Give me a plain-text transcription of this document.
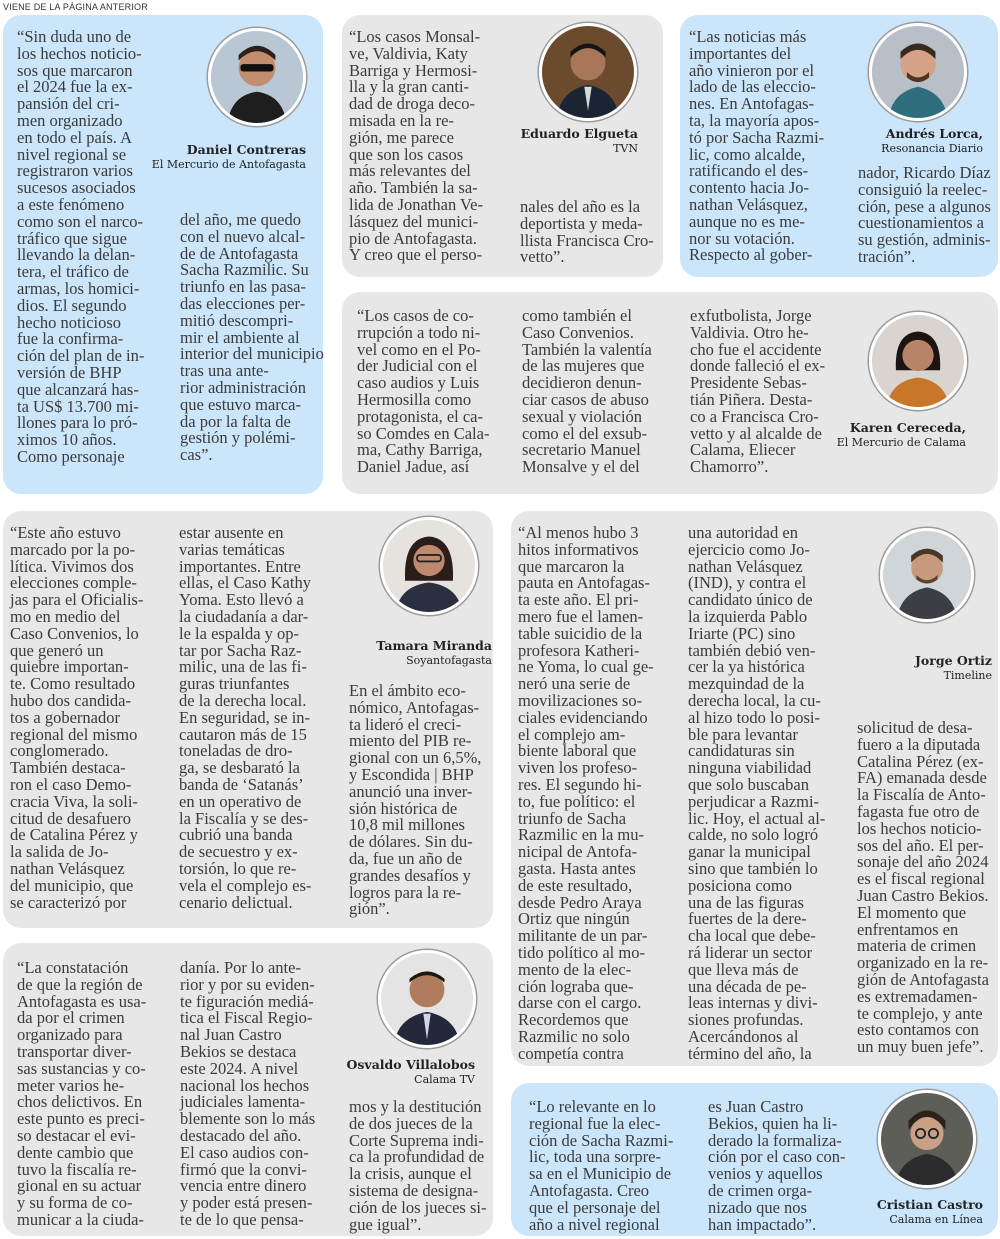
VIENE DE LA PÁGINA ANTERIOR
“Sin duda uno de
los hechos noticio-
sos que marcaron
el 2024 fue la ex-
pansión del cri-
men organizado
en todo el país. A
nivel regional se
registraron varios
sucesos asociados
a este fenómeno
como son el narco-
tráfico que sigue
llevando la delan-
tera, el tráfico de
armas, los homici-
dios. El segundo
hecho noticioso
fue la confirma-
ción del plan de in-
versión de BHP
que alcanzará has-
ta US$ 13.700 mi-
llones para lo pró-
ximos 10 años.
Como personaje
del año, me quedo
con el nuevo alcal-
de de Antofagasta
Sacha Razmilic. Su
triunfo en las pasa-
das elecciones per-
mitió descompri-
mir el ambiente al
interior del municipio
tras una ante-
rior administración
que estuvo marca-
da por la falta de
gestión y polémi-
cas”.
Daniel Contreras
El Mercurio de Antofagasta
“Los casos Monsal-
ve, Valdivia, Katy
Barriga y Hermosi-
lla y la gran canti-
dad de droga deco-
misada en la re-
gión, me parece
que son los casos
más relevantes del
año. También la sa-
lida de Jonathan Ve-
lásquez del munici-
pio de Antofagasta.
Y creo que el perso-
nales del año es la
deportista y meda-
llista Francisca Cro-
vetto”.
Eduardo Elgueta
TVN
“Las noticias más
importantes del
año vinieron por el
lado de las eleccio-
nes. En Antofagas-
ta, la mayoría apos-
tó por Sacha Razmi-
lic, como alcalde,
ratificando el des-
contento hacia Jo-
nathan Velásquez,
aunque no es me-
nor su votación.
Respecto al gober-
nador, Ricardo Díaz
consiguió la reelec-
ción, pese a algunos
cuestionamientos a
su gestión, adminis-
tración”.
Andrés Lorca,
Resonancia Diario
“Los casos de co-
rrupción a todo ni-
vel como en el Po-
der Judicial con el
caso audios y Luis
Hermosilla como
protagonista, el ca-
so Comdes en Cala-
ma, Cathy Barriga,
Daniel Jadue, así
como también el
Caso Convenios.
También la valentía
de las mujeres que
decidieron denun-
ciar casos de abuso
sexual y violación
como el del exsub-
secretario Manuel
Monsalve y el del
exfutbolista, Jorge
Valdivia. Otro he-
cho fue el accidente
donde falleció el ex-
Presidente Sebas-
tián Piñera. Desta-
co a Francisca Cro-
vetto y al alcalde de
Calama, Eliecer
Chamorro”.
Karen Cereceda,
El Mercurio de Calama
“Este año estuvo
marcado por la po-
lítica. Vivimos dos
elecciones comple-
jas para el Oficialis-
mo en medio del
Caso Convenios, lo
que generó un
quiebre importan-
te. Como resultado
hubo dos candida-
tos a gobernador
regional del mismo
conglomerado.
También destaca-
ron el caso Demo-
cracia Viva, la soli-
citud de desafuero
de Catalina Pérez y
la salida de Jo-
nathan Velásquez
del municipio, que
se caracterizó por
estar ausente en
varias temáticas
importantes. Entre
ellas, el Caso Kathy
Yoma. Esto llevó a
la ciudadanía a dar-
le la espalda y op-
tar por Sacha Raz-
milic, una de las fi-
guras triunfantes
de la derecha local.
En seguridad, se in-
cautaron más de 15
toneladas de dro-
ga, se desbarató la
banda de ‘Satanás’
en un operativo de
la Fiscalía y se des-
cubrió una banda
de secuestro y ex-
torsión, lo que re-
vela el complejo es-
cenario delictual.
En el ámbito eco-
nómico, Antofagas-
ta lideró el creci-
miento del PIB re-
gional con un 6,5%,
y Escondida | BHP
anunció una inver-
sión histórica de
10,8 mil millones
de dólares. Sin du-
da, fue un año de
grandes desafíos y
logros para la re-
gión”.
Tamara Miranda
Soyantofagasta
“Al menos hubo 3
hitos informativos
que marcaron la
pauta en Antofagas-
ta este año. El pri-
mero fue el lamen-
table suicidio de la
profesora Katheri-
ne Yoma, lo cual ge-
neró una serie de
movilizaciones so-
ciales evidenciando
el complejo am-
biente laboral que
viven los profeso-
res. El segundo hi-
to, fue político: el
triunfo de Sacha
Razmilic en la mu-
nicipal de Antofa-
gasta. Hasta antes
de este resultado,
desde Pedro Araya
Ortiz que ningún
militante de un par-
tido político al mo-
mento de la elec-
ción lograba que-
darse con el cargo.
Recordemos que
Razmilic no solo
competía contra
una autoridad en
ejercicio como Jo-
nathan Velásquez
(IND), y contra el
candidato único de
la izquierda Pablo
Iriarte (PC) sino
también debió ven-
cer la ya histórica
mezquindad de la
derecha local, la cu-
al hizo todo lo posi-
ble para levantar
candidaturas sin
ninguna viabilidad
que solo buscaban
perjudicar a Razmi-
lic. Hoy, el actual al-
calde, no solo logró
ganar la municipal
sino que también lo
posiciona como
una de las figuras
fuertes de la dere-
cha local que debe-
rá liderar un sector
que lleva más de
una década de pe-
leas internas y divi-
siones profundas.
Acercándonos al
término del año, la
solicitud de desa-
fuero a la diputada
Catalina Pérez (ex-
FA) emanada desde
la Fiscalía de Anto-
fagasta fue otro de
los hechos noticio-
sos del año. El per-
sonaje del año 2024
es el fiscal regional
Juan Castro Bekios.
El momento que
enfrentamos en
materia de crimen
organizado en la re-
gión de Antofagasta
es extremadamen-
te complejo, y ante
esto contamos con
un muy buen jefe”.
Jorge Ortiz
Timeline
“La constatación
de que la región de
Antofagasta es usa-
da por el crimen
organizado para
transportar diver-
sas sustancias y co-
meter varios he-
chos delictivos. En
este punto es preci-
so destacar el evi-
dente cambio que
tuvo la fiscalía re-
gional en su actuar
y su forma de co-
municar a la ciuda-
danía. Por lo ante-
rior y por su eviden-
te figuración mediá-
tica el Fiscal Regio-
nal Juan Castro
Bekios se destaca
este 2024. A nivel
nacional los hechos
judiciales lamenta-
blemente son lo más
destacado del año.
El caso audios con-
firmó que la convi-
vencia entre dinero
y poder está presen-
te de lo que pensa-
mos y la destitución
de dos jueces de la
Corte Suprema indi-
ca la profundidad de
la crisis, aunque el
sistema de designa-
ción de los jueces si-
gue igual”.
Osvaldo Villalobos
Calama TV
“Lo relevante en lo
regional fue la elec-
ción de Sacha Razmi-
lic, toda una sorpre-
sa en el Municipio de
Antofagasta. Creo
que el personaje del
año a nivel regional
es Juan Castro
Bekios, quien ha li-
derado la formaliza-
ción por el caso con-
venios y aquellos
de crimen orga-
nizado que nos
han impactado”.
Cristian Castro
Calama en Línea
